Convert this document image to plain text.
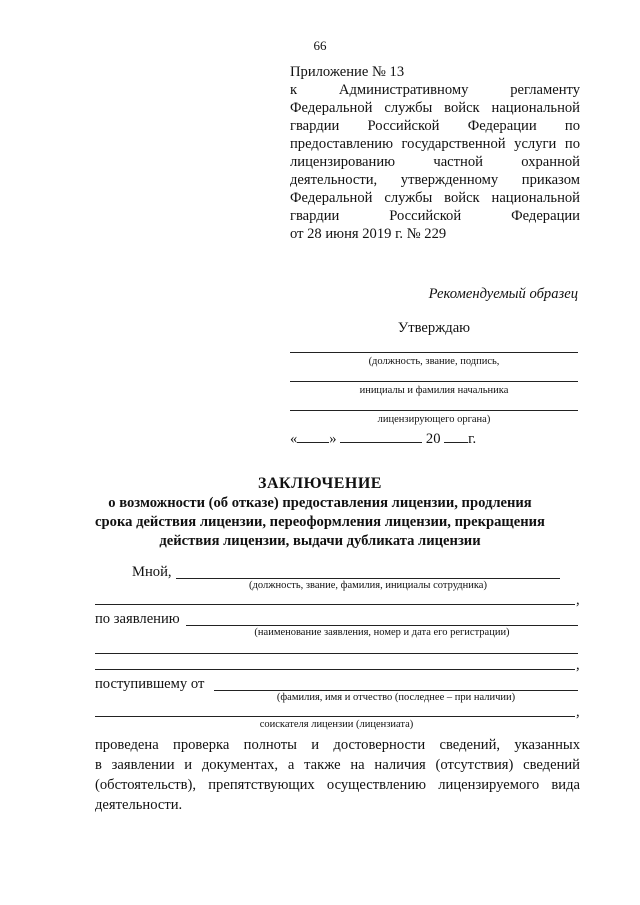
66
Приложение № 13
к Административному регламенту
Федеральной службы войск национальной
гвардии Российской Федерации по
предоставлению государственной услуги по
лицензированию частной охранной
деятельности, утвержденному приказом
Федеральной службы войск национальной
гвардии Российской Федерации
от 28 июня 2019 г. № 229
Рекомендуемый образец
Утверждаю
(должность, звание, подпись,
инициалы и фамилия начальника
лицензирующего органа)
« »	20 г.
ЗАКЛЮЧЕНИЕ
о возможности (об отказе) предоставления лицензии, продления
срока действия лицензии, переоформления лицензии, прекращения
действия лицензии, выдачи дубликата лицензии
Мной,
(должность, звание, фамилия, инициалы сотрудника)
,
по заявлению
(наименование заявления, номер и дата его регистрации)
,
поступившему от
(фамилия, имя и отчество (последнее – при наличии)
,
соискателя лицензии (лицензиата)
проведена проверка полноты и достоверности сведений, указанных
в заявлении и документах, а также на наличия (отсутствия) сведений
(обстоятельств), препятствующих осуществлению лицензируемого вида
деятельности.
